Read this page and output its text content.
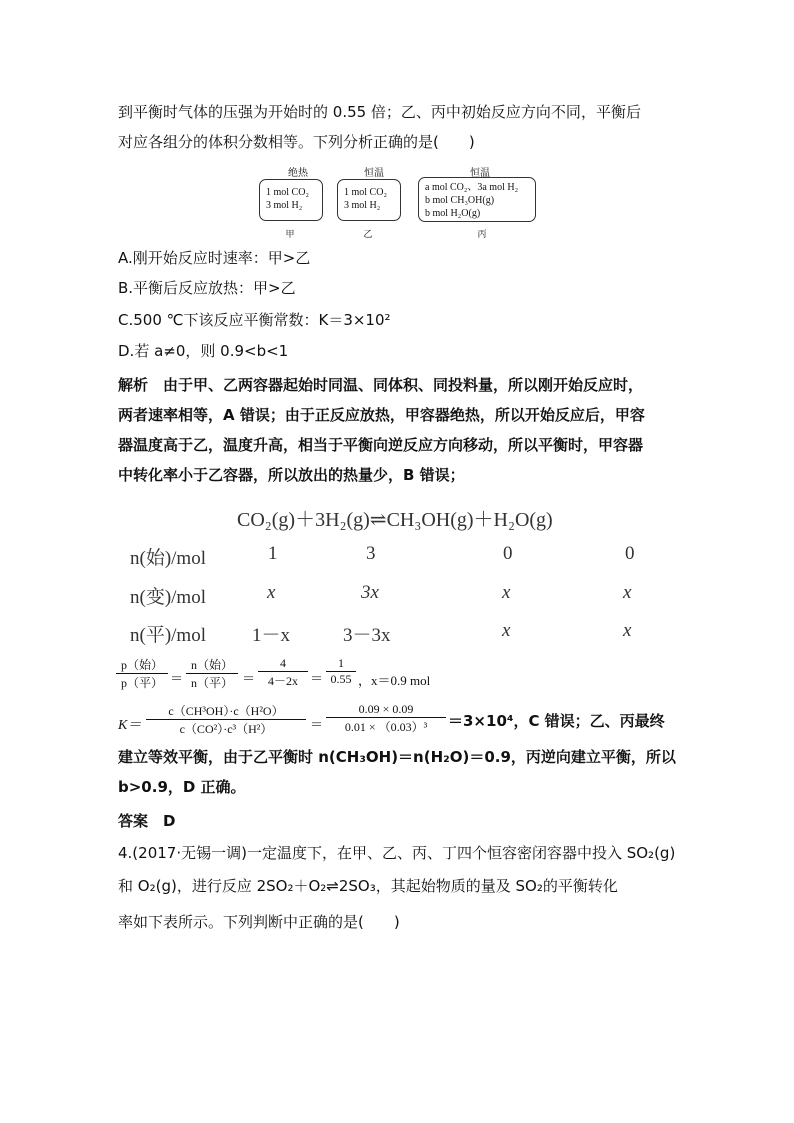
到平衡时气体的压强为开始时的 0.55 倍；乙、丙中初始反应方向不同，平衡后
对应各组分的体积分数相等。下列分析正确的是(　　)
绝热	恒温	恒温
1 mol CO₂
3 mol H₂
1 mol CO₂
3 mol H₂
a mol CO₂、3a mol H₂
b mol CH₃OH(g)
b mol H₂O(g)
甲	乙	丙
A.刚开始反应时速率：甲>乙
B.平衡后反应放热：甲>乙
C.500 ℃下该反应平衡常数：K＝3×10²
D.若 a≠0，则 0.9<b<1
解析　由于甲、乙两容器起始时同温、同体积、同投料量，所以刚开始反应时，
两者速率相等，A 错误；由于正反应放热，甲容器绝热，所以开始反应后，甲容
器温度高于乙，温度升高，相当于平衡向逆反应方向移动，所以平衡时，甲容器
中转化率小于乙容器，所以放出的热量少，B 错误；
CO₂(g)＋3H₂(g)⇌CH₃OH(g)＋H₂O(g)
n(始)/mol	1	3	0	0
n(变)/mol	x	3x	x	x
n(平)/mol 1－x	3－3x	x	x
p（始）
p（平） ＝
n（始）
n（平） ＝ $\frac{4}{4-2x} = \frac{1}{0.55}$ ，x＝0.9 mol
$K= \frac{\text{c（CH³OH）·c（H²O）}}{\text{c（CO²）·c³（H²）}} = \frac{0.09 \times 0.09}{\text{0.01 × （0.03）³}} =3\times 10^4$，C 错误；乙、丙最终
建立等效平衡，由于乙平衡时 n(CH₃OH)＝n(H₂O)＝0.9，丙逆向建立平衡，所以
b>0.9，D 正确。
答案　D
4.(2017·无锡一调)一定温度下，在甲、乙、丙、丁四个恒容密闭容器中投入 SO₂(g)
和 O₂(g)，进行反应 2SO₂＋O₂⇌2SO₃，其起始物质的量及 SO₂的平衡转化
率如下表所示。下列判断中正确的是(　　)
